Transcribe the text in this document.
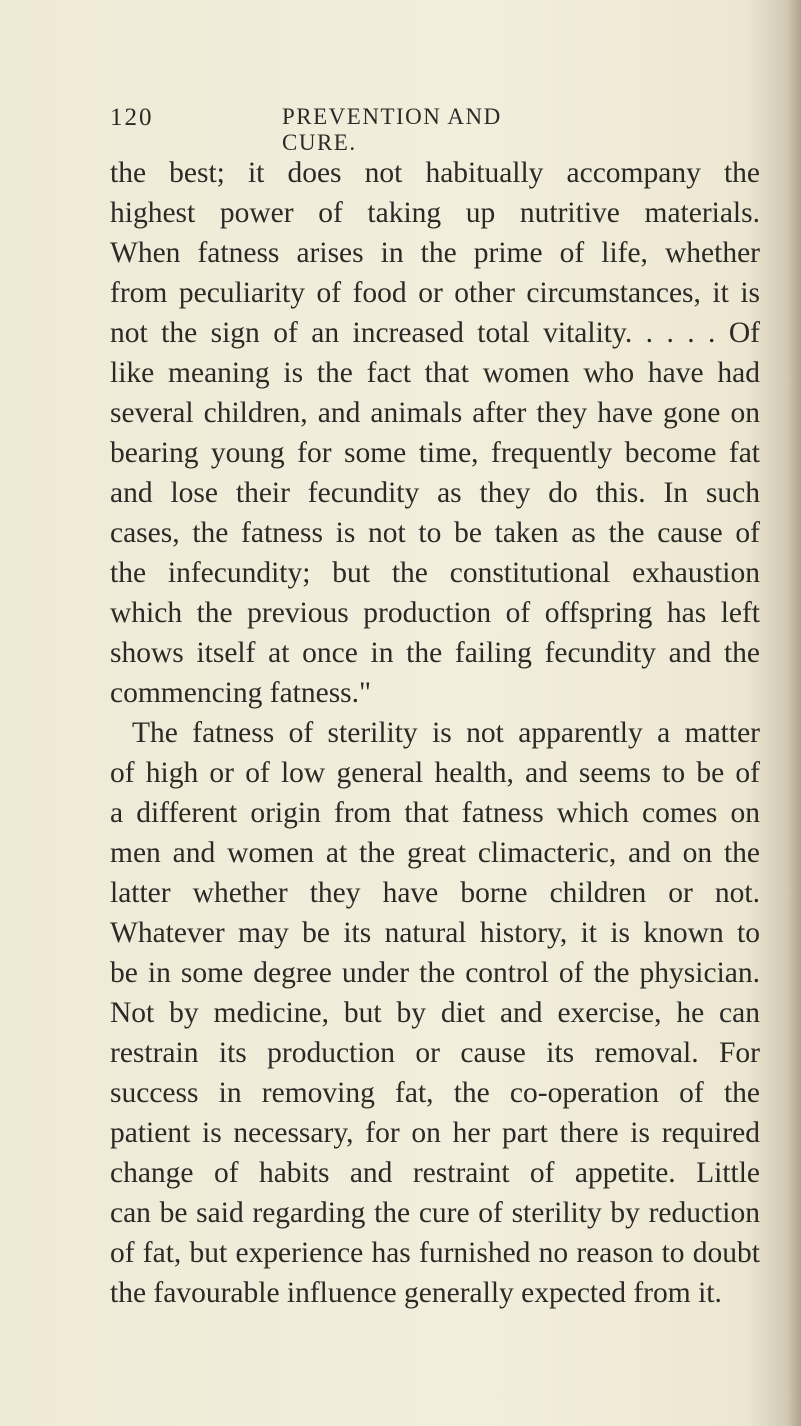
120	PREVENTION AND CURE.
the best; it does not habitually accompany the
highest power of taking up nutritive materials.
When fatness arises in the prime of life, whether
from peculiarity of food or other circumstances, it is
not the sign of an increased total vitality. . . . . Of
like meaning is the fact that women who have had
several children, and animals after they have gone on
bearing young for some time, frequently become fat
and lose their fecundity as they do this. In such
cases, the fatness is not to be taken as the cause of
the infecundity; but the constitutional exhaustion
which the previous production of offspring has left
shows itself at once in the failing fecundity and the
commencing fatness."
The fatness of sterility is not apparently a matter
of high or of low general health, and seems to be of
a different origin from that fatness which comes on
men and women at the great climacteric, and on the
latter whether they have borne children or not.
Whatever may be its natural history, it is known to
be in some degree under the control of the physician.
Not by medicine, but by diet and exercise, he can
restrain its production or cause its removal. For
success in removing fat, the co-operation of the
patient is necessary, for on her part there is required
change of habits and restraint of appetite. Little
can be said regarding the cure of sterility by reduction
of fat, but experience has furnished no reason to doubt
the favourable influence generally expected from it.
